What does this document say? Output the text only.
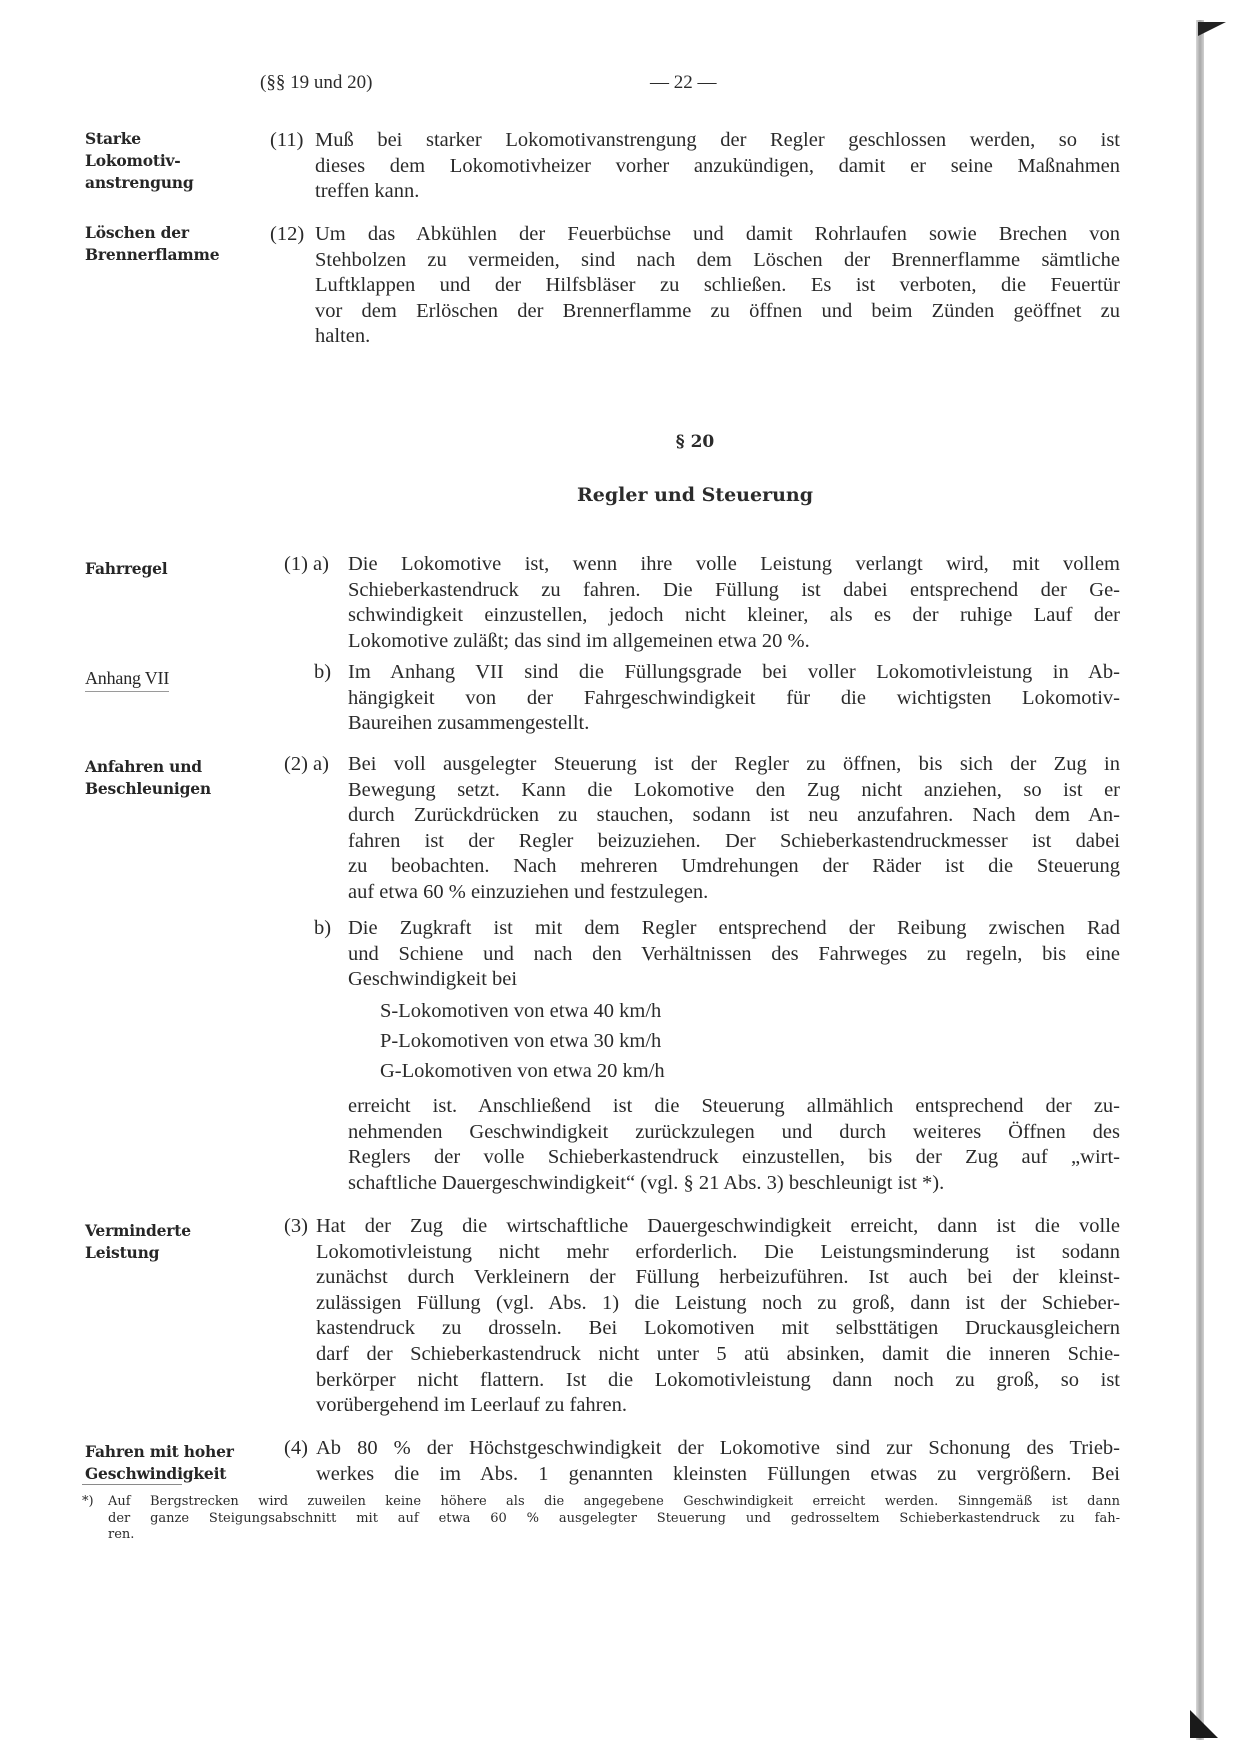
(§§ 19 und 20)	— 22 —
Starke
Lokomotiv-
anstrengung
Löschen der
Brennerflamme
Fahrregel
Anhang VII
Anfahren und
Beschleunigen
Verminderte
Leistung
Fahren mit hoher
Geschwindigkeit
(11) Muß bei starker Lokomotivanstrengung der Regler geschlossen werden, so ist
dieses dem Lokomotivheizer vorher anzukündigen, damit er seine Maßnahmen
treffen kann.
(12) Um das Abkühlen der Feuerbüchse und damit Rohrlaufen sowie Brechen von
Stehbolzen zu vermeiden, sind nach dem Löschen der Brennerflamme sämtliche
Luftklappen und der Hilfsbläser zu schließen. Es ist verboten, die Feuertür
vor dem Erlöschen der Brennerflamme zu öffnen und beim Zünden geöffnet zu
halten.
§ 20
Regler und Steuerung
(1) a) Die Lokomotive ist, wenn ihre volle Leistung verlangt wird, mit vollem
Schieberkastendruck zu fahren. Die Füllung ist dabei entsprechend der Ge-
schwindigkeit einzustellen, jedoch nicht kleiner, als es der ruhige Lauf der
Lokomotive zuläßt; das sind im allgemeinen etwa 20 %.
b) Im Anhang VII sind die Füllungsgrade bei voller Lokomotivleistung in Ab-
hängigkeit von der Fahrgeschwindigkeit für die wichtigsten Lokomotiv-
Baureihen zusammengestellt.
(2) a) Bei voll ausgelegter Steuerung ist der Regler zu öffnen, bis sich der Zug in
Bewegung setzt. Kann die Lokomotive den Zug nicht anziehen, so ist er
durch Zurückdrücken zu stauchen, sodann ist neu anzufahren. Nach dem An-
fahren ist der Regler beizuziehen. Der Schieberkastendruckmesser ist dabei
zu beobachten. Nach mehreren Umdrehungen der Räder ist die Steuerung
auf etwa 60 % einzuziehen und festzulegen.
b) Die Zugkraft ist mit dem Regler entsprechend der Reibung zwischen Rad
und Schiene und nach den Verhältnissen des Fahrweges zu regeln, bis eine
Geschwindigkeit bei
S-Lokomotiven von etwa 40 km/h
P-Lokomotiven von etwa 30 km/h
G-Lokomotiven von etwa 20 km/h
erreicht ist. Anschließend ist die Steuerung allmählich entsprechend der zu-
nehmenden Geschwindigkeit zurückzulegen und durch weiteres Öffnen des
Reglers der volle Schieberkastendruck einzustellen, bis der Zug auf „wirt-
schaftliche Dauergeschwindigkeit“ (vgl. § 21 Abs. 3) beschleunigt ist *).
(3) Hat der Zug die wirtschaftliche Dauergeschwindigkeit erreicht, dann ist die volle
Lokomotivleistung nicht mehr erforderlich. Die Leistungsminderung ist sodann
zunächst durch Verkleinern der Füllung herbeizuführen. Ist auch bei der kleinst-
zulässigen Füllung (vgl. Abs. 1) die Leistung noch zu groß, dann ist der Schieber-
kastendruck zu drosseln. Bei Lokomotiven mit selbsttätigen Druckausgleichern
darf der Schieberkastendruck nicht unter 5 atü absinken, damit die inneren Schie-
berkörper nicht flattern. Ist die Lokomotivleistung dann noch zu groß, so ist
vorübergehend im Leerlauf zu fahren.
(4) Ab 80 % der Höchstgeschwindigkeit der Lokomotive sind zur Schonung des Trieb-
werkes die im Abs. 1 genannten kleinsten Füllungen etwas zu vergrößern. Bei
*) Auf Bergstrecken wird zuweilen keine höhere als die angegebene Geschwindigkeit erreicht werden. Sinngemäß ist dann
der ganze Steigungsabschnitt mit auf etwa 60 % ausgelegter Steuerung und gedrosseltem Schieberkastendruck zu fah-
ren.
